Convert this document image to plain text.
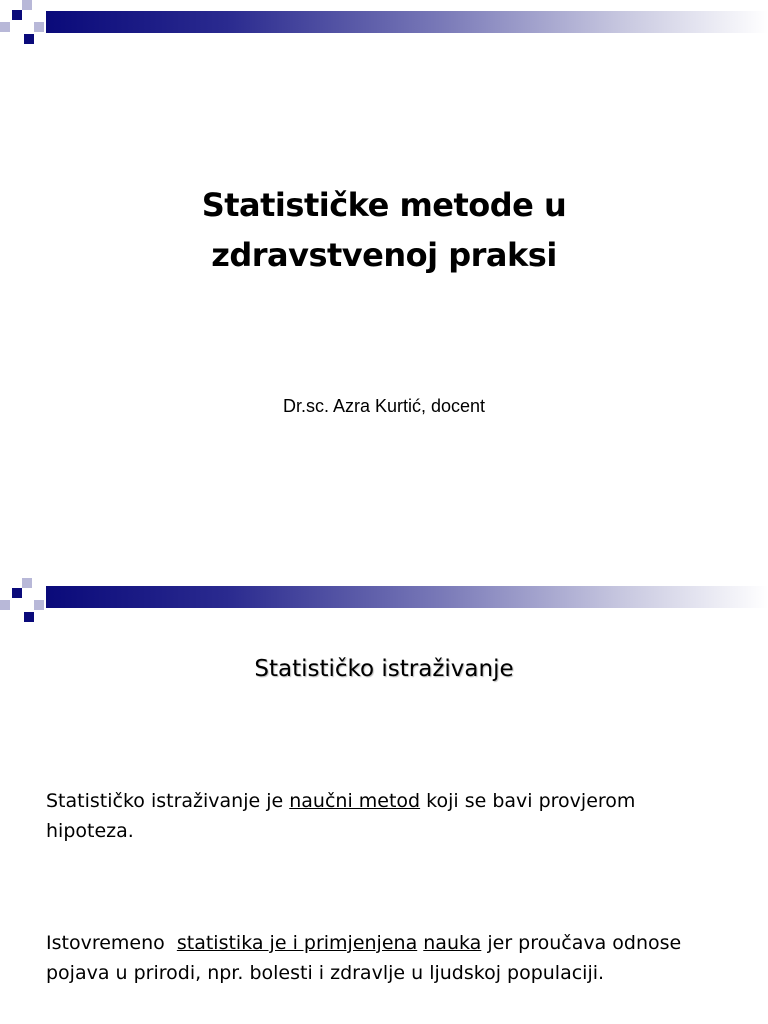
Statističke metode u
zdravstvenoj praksi
Dr.sc. Azra Kurtić, docent
Statističko istraživanje
Statističko istraživanje je naučni metod koji se bavi provjerom hipoteza.
Istovremeno  statistika je i primjenjena nauka jer proučava odnose pojava u prirodi, npr. bolesti i zdravlje u ljudskoj populaciji.
